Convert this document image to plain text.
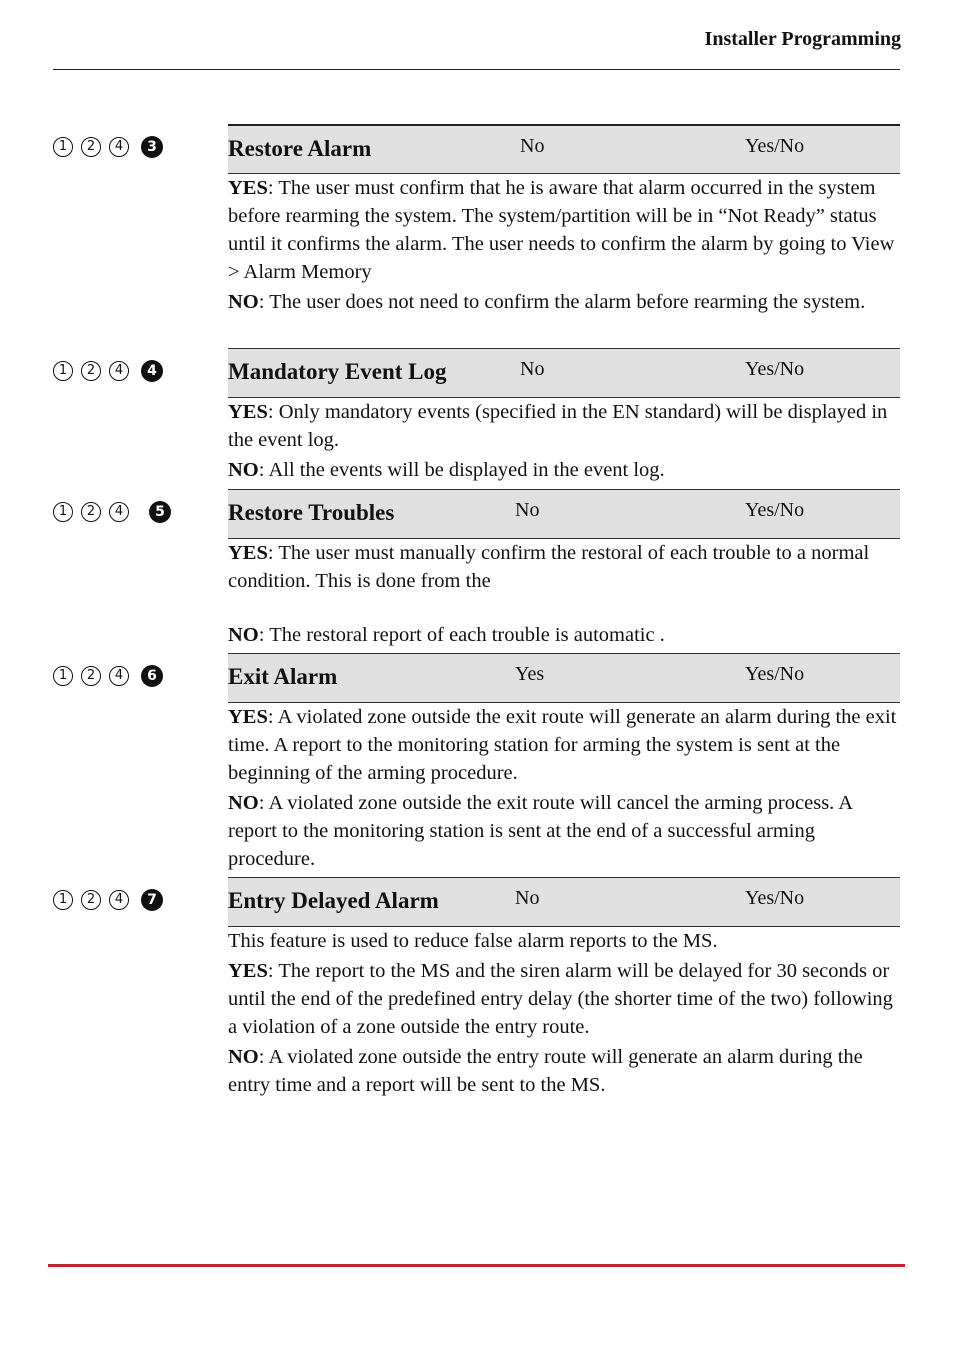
Installer Programming
1	2	4	3	Restore Alarm	No	Yes/No

YES: The user must confirm that he is aware that alarm occurred in the system before rearming the system. The system/partition will be in “Not Ready” status until it confirms the alarm. The user needs to confirm the alarm by going to View > Alarm Memory

NO: The user does not need to confirm the alarm before rearming the system.

1	2	4	4	Mandatory Event Log	No	Yes/No

YES: Only mandatory events (specified in the EN standard) will be displayed in the event log.

NO: All the events will be displayed in the event log.

1	2	4	5	Restore Troubles	No	Yes/No

YES: The user must manually confirm the restoral of each trouble to a normal condition. This is done from the

NO: The restoral report of each trouble is automatic .

1	2	4	6	Exit Alarm	Yes	Yes/No

YES: A violated zone outside the exit route will generate an alarm during the exit time. A report to the monitoring station for arming the system is sent at the beginning of the arming procedure.

NO: A violated zone outside the exit route will cancel the arming process. A report to the monitoring station is sent at the end of a successful arming procedure.

1	2	4	7	Entry Delayed Alarm	No	Yes/No

This feature is used to reduce false alarm reports to the MS.

YES: The report to the MS and the siren alarm will be delayed for 30 seconds or until the end of the predefined entry delay (the shorter time of the two) following a violation of a zone outside the entry route.

NO: A violated zone outside the entry route will generate an alarm during the entry time and a report will be sent to the MS.
